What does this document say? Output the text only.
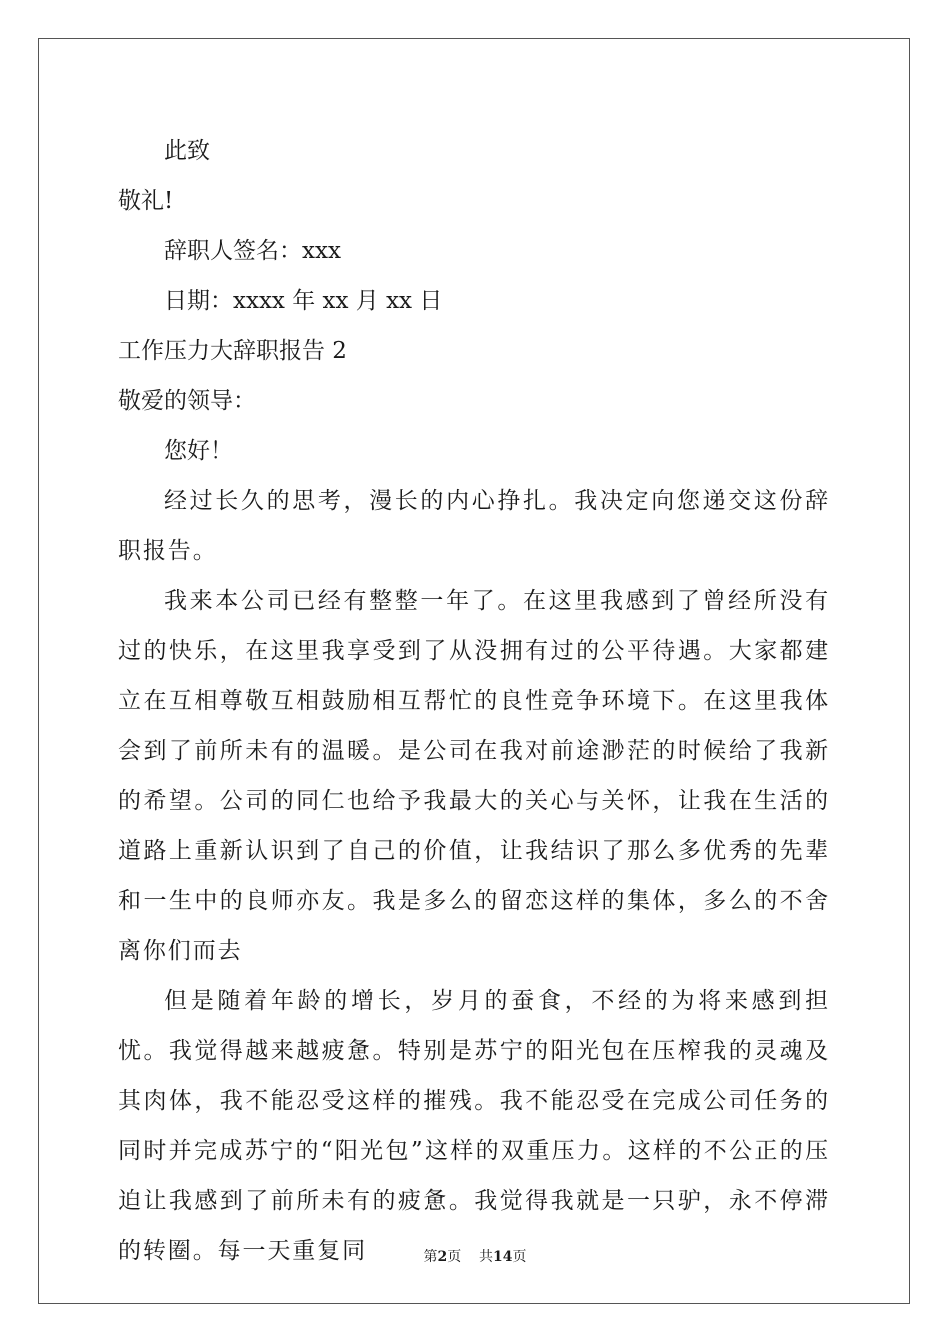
此致

敬礼!

辞职人签名：xxx

日期：xxxx 年 xx 月 xx 日

工作压力大辞职报告 2

敬爱的领导：

您好！

经过长久的思考，漫长的内心挣扎。我决定向您递交这份辞职报告。

我来本公司已经有整整一年了。在这里我感到了曾经所没有过的快乐，在这里我享受到了从没拥有过的公平待遇。大家都建立在互相尊敬互相鼓励相互帮忙的良性竞争环境下。在这里我体会到了前所未有的温暖。是公司在我对前途渺茫的时候给了我新的希望。公司的同仁也给予我最大的关心与关怀，让我在生活的道路上重新认识到了自己的价值，让我结识了那么多优秀的先辈和一生中的良师亦友。我是多么的留恋这样的集体，多么的不舍离你们而去

但是随着年龄的增长，岁月的蚕食，不经的为将来感到担忧。我觉得越来越疲惫。特别是苏宁的阳光包在压榨我的灵魂及其肉体，我不能忍受这样的摧残。我不能忍受在完成公司任务的同时并完成苏宁的“阳光包”这样的双重压力。这样的不公正的压迫让我感到了前所未有的疲惫。我觉得我就是一只驴，永不停滞的转圈。每一天重复同	第2页 共14页
